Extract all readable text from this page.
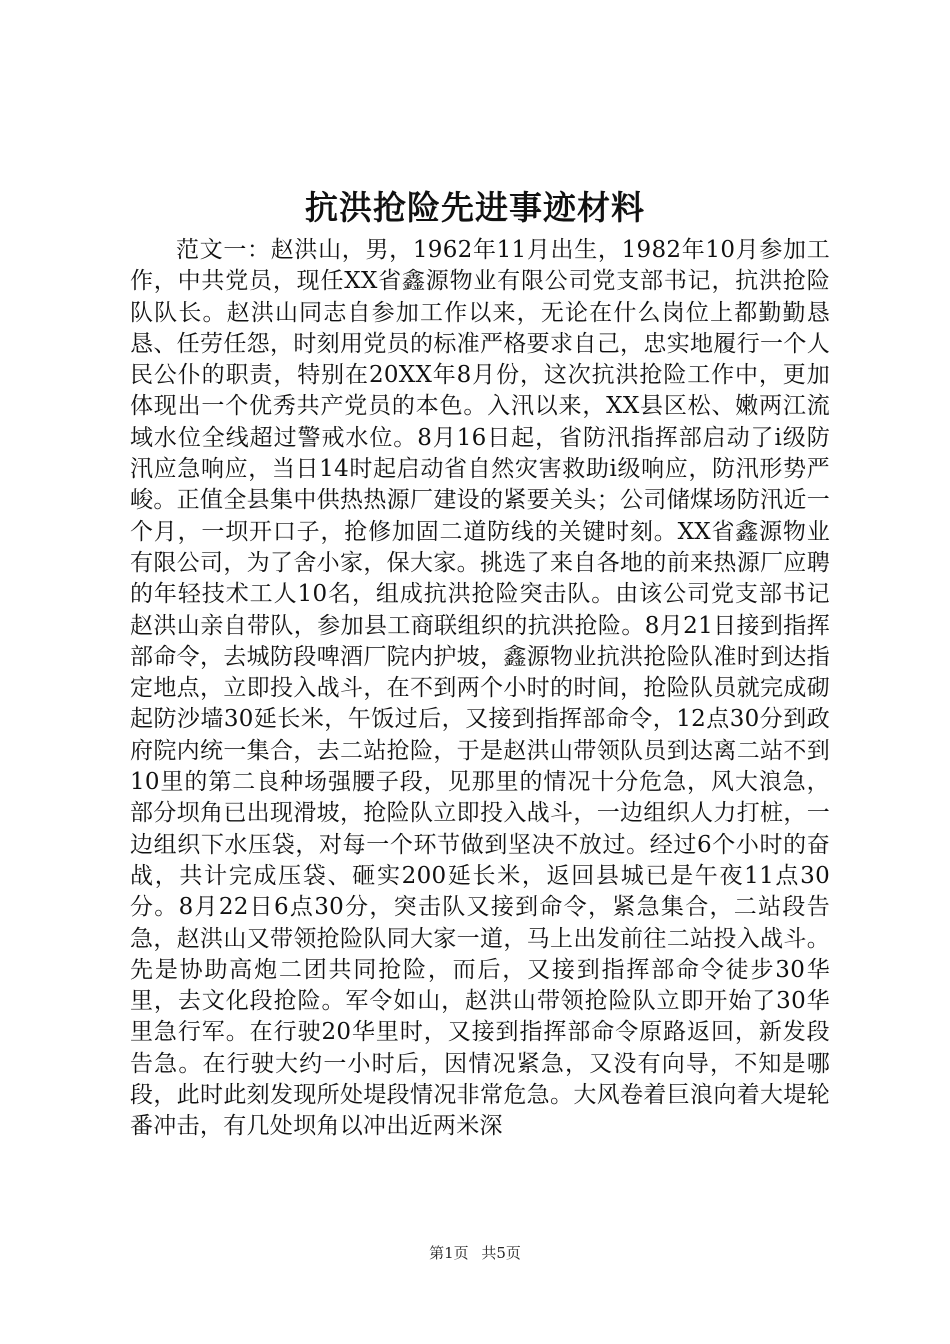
抗洪抢险先进事迹材料

范文一：赵洪山，男，1962年11月出生，1982年10月参加工作，中共党员，现任XX省鑫源物业有限公司党支部书记，抗洪抢险队队长。赵洪山同志自参加工作以来，无论在什么岗位上都勤勤恳恳、任劳任怨，时刻用党员的标准严格要求自己，忠实地履行一个人民公仆的职责，特别在20XX年8月份，这次抗洪抢险工作中，更加体现出一个优秀共产党员的本色。入汛以来，XX县区松、嫩两江流域水位全线超过警戒水位。8月16日起，省防汛指挥部启动了i级防汛应急响应，当日14时起启动省自然灾害救助i级响应，防汛形势严峻。正值全县集中供热热源厂建设的紧要关头；公司储煤场防汛近一个月，一坝开口子，抢修加固二道防线的关键时刻。XX省鑫源物业有限公司，为了舍小家，保大家。挑选了来自各地的前来热源厂应聘的年轻技术工人10名，组成抗洪抢险突击队。由该公司党支部书记赵洪山亲自带队，参加县工商联组织的抗洪抢险。8月21日接到指挥部命令，去城防段啤酒厂院内护坡，鑫源物业抗洪抢险队准时到达指定地点，立即投入战斗，在不到两个小时的时间，抢险队员就完成砌起防沙墙30延长米，午饭过后，又接到指挥部命令，12点30分到政府院内统一集合，去二站抢险，于是赵洪山带领队员到达离二站不到10里的第二良种场强腰子段，见那里的情况十分危急，风大浪急，部分坝角已出现滑坡，抢险队立即投入战斗，一边组织人力打桩，一边组织下水压袋，对每一个环节做到坚决不放过。经过6个小时的奋战，共计完成压袋、砸实200延长米，返回县城已是午夜11点30分。8月22日6点30分，突击队又接到命令，紧急集合，二站段告急，赵洪山又带领抢险队同大家一道，马上出发前往二站投入战斗。先是协助高炮二团共同抢险，而后，又接到指挥部命令徒步30华里，去文化段抢险。军令如山，赵洪山带领抢险队立即开始了30华里急行军。在行驶20华里时，又接到指挥部命令原路返回，新发段告急。在行驶大约一小时后，因情况紧急，又没有向导，不知是哪段，此时此刻发现所处堤段情况非常危急。大风卷着巨浪向着大堤轮番冲击，有几处坝角以冲出近两米深

第1页 共5页
